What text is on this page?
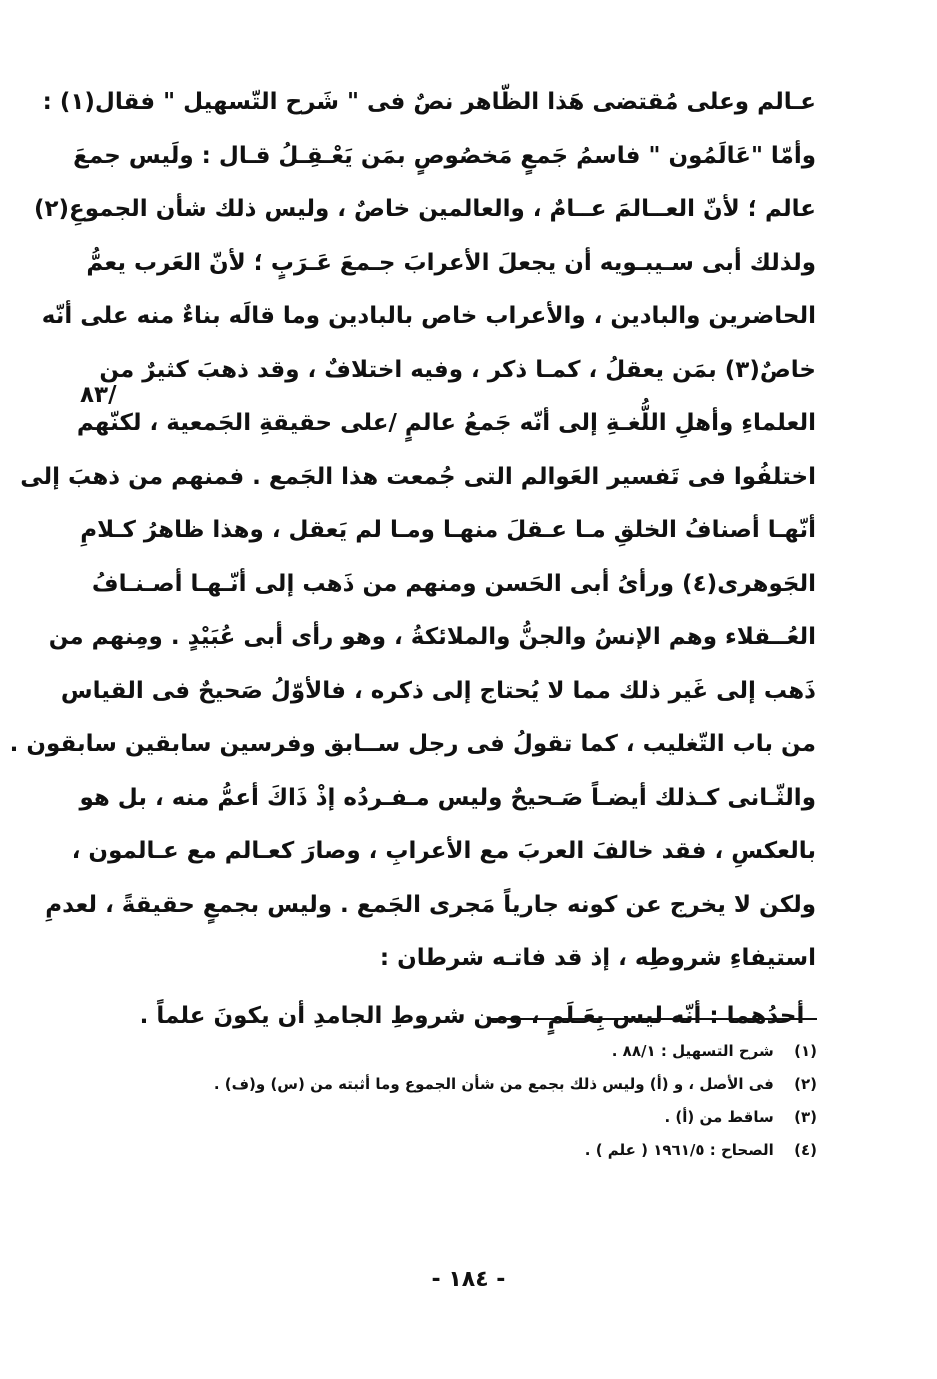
عـالم وعلى مُقتضى هَذا الظّاهر نصٌ فى " شَرح التّسهيل " فقال(١) :
وأمّا "عَالَمُون " فاسمُ جَمعٍ مَخصُوصٍ بمَن يَعْـقِـلُ قـال : ولَيس جمعَ
عالم ؛ لأنّ العــالمَ عــامٌ ، والعالمين خاصٌ ، وليس ذلك شأن الجموعِ(٢)
ولذلك أبى سـيبـويه أن يجعلَ الأعرابَ جـمعَ عَـرَبٍ ؛ لأنّ العَرب يعمُّ
الحاضرين والبادين ، والأعراب خاص بالبادين وما قالَه بناءٌ منه على أنّه
خاصٌ(٣) بمَن يعقلُ ، كمـا ذكر ، وفيه اختلافٌ ، وقد ذهبَ كثيرٌ من
العلماءِ وأهلِ اللُّغـةِ إلى أنّه جَمعُ عالمٍ /على حقيقةِ الجَمعية ، لكنّهم
اختلفُوا فى تَفسير العَوالم التى جُمعت هذا الجَمع . فمنهم من ذهبَ إلى
أنّهـا أصنافُ الخلقِ مـا عـقلَ منهـا ومـا لم يَعقل ، وهذا ظاهرُ كـلامِ
الجَوهرى(٤) ورأىُ أبى الحَسن ومنهم من ذَهب إلى أنّـهـا أصـنـافُ
العُــقلاء وهم الإنسُ والجنُّ والملائكةُ ، وهو رأى أبى عُبَيْدٍ . ومِنهم من
ذَهب إلى غَير ذلك مما لا يُحتاج إلى ذكره ، فالأوّلُ صَحيحٌ فى القياس
من باب التّغليب ، كما تقولُ فى رجل ســابق وفرسين سابقين سابقون .
والثّـانى كـذلك أيضـاً صَـحيحٌ وليس مـفـردُه إذْ ذَاكَ أعمُّ منه ، بل هو
بالعكسِ ، فقد خالفَ العربَ مع الأعرابِ ، وصارَ كعـالم مع عـالمون ،
ولكن لا يخرج عن كونه جارياً مَجرى الجَمع . وليس بجمعٍ حقيقةً ، لعدمِ
استيفاءِ شروطِه ، إذ قد فاتـه شرطان :
أحدُهما : أنّه ليس بِعَـلَمٍ ، ومن شروطِ الجامدِ أن يكونَ علماً .
/٨٣
(١) شرح التسهيل : ٨٨/١ .
(٢) فى الأصل ، و (أ) وليس ذلك بجمع من شأن الجموع وما أثبته من (س) و(ف) .
(٣) ساقط من (أ) .
(٤) الصحاح : ١٩٦١/٥ ( علم ) .
- ١٨٤ -
